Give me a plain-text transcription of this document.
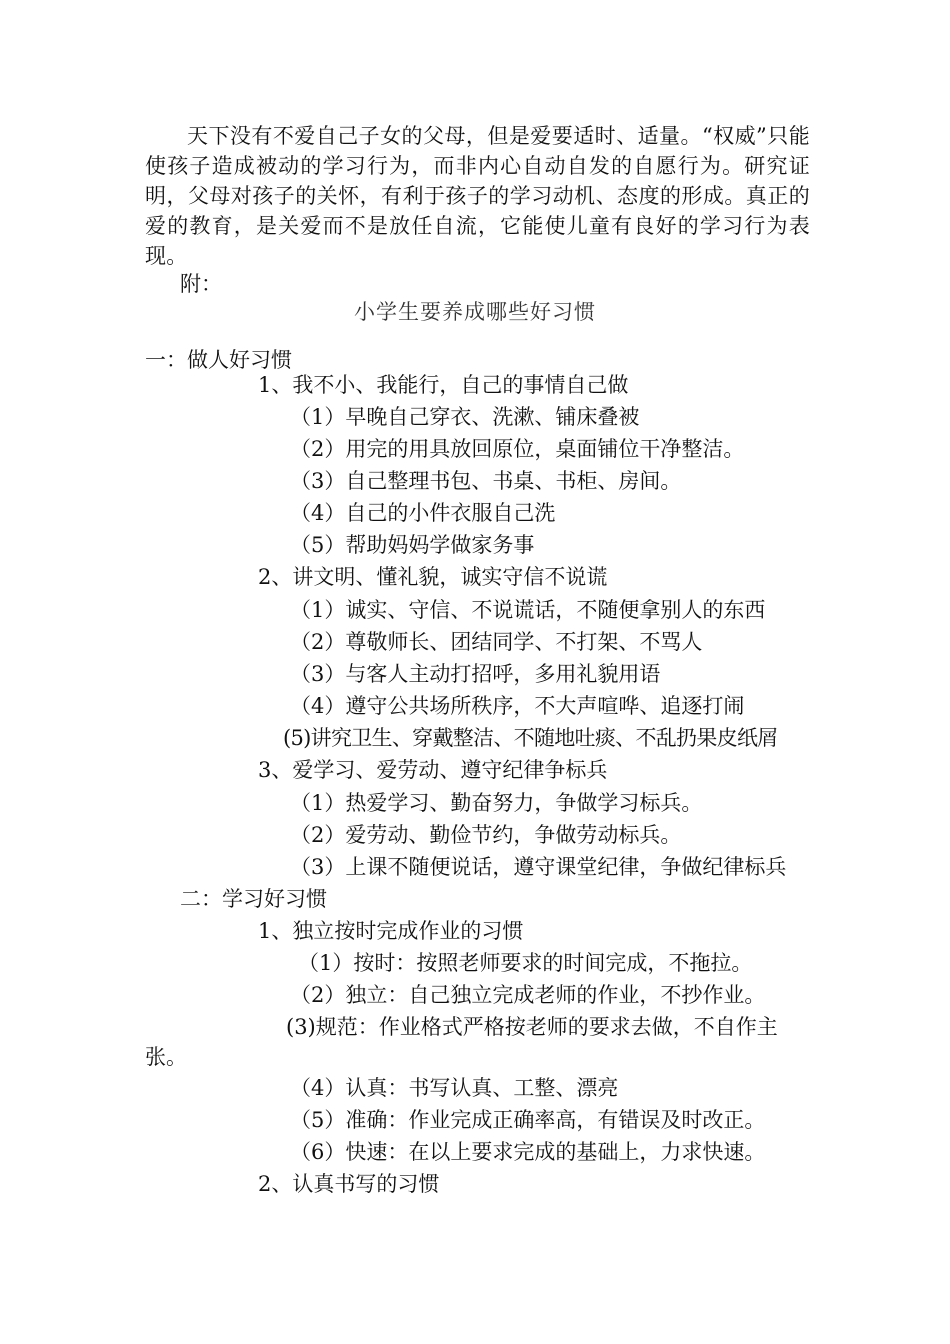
天下没有不爱自己子女的父母，但是爱要适时、适量。“权威”只能使孩子造成被动的学习行为，而非内心自动自发的自愿行为。研究证明，父母对孩子的关怀，有利于孩子的学习动机、态度的形成。真正的爱的教育，是关爱而不是放任自流，它能使儿童有良好的学习行为表现。

附：
小学生要养成哪些好习惯
一：做人好习惯
1、我不小、我能行，自己的事情自己做
（1）早晚自己穿衣、洗漱、铺床叠被
（2）用完的用具放回原位，桌面铺位干净整洁。
（3）自己整理书包、书桌、书柜、房间。
（4）自己的小件衣服自己洗
（5）帮助妈妈学做家务事
2、讲文明、懂礼貌，诚实守信不说谎
（1）诚实、守信、不说谎话，不随便拿别人的东西
（2）尊敬师长、团结同学、不打架、不骂人
（3）与客人主动打招呼，多用礼貌用语
（4）遵守公共场所秩序，不大声喧哗、追逐打闹
(5)讲究卫生、穿戴整洁、不随地吐痰、不乱扔果皮纸屑
3、爱学习、爱劳动、遵守纪律争标兵
（1）热爱学习、勤奋努力，争做学习标兵。
（2）爱劳动、勤俭节约，争做劳动标兵。
（3）上课不随便说话，遵守课堂纪律，争做纪律标兵
二：学习好习惯
1、独立按时完成作业的习惯
（1）按时：按照老师要求的时间完成，不拖拉。
（2）独立：自己独立完成老师的作业，不抄作业。
(3)规范：作业格式严格按老师的要求去做，不自作主
张。
（4）认真：书写认真、工整、漂亮
（5）准确：作业完成正确率高，有错误及时改正。
（6）快速：在以上要求完成的基础上，力求快速。
2、认真书写的习惯
